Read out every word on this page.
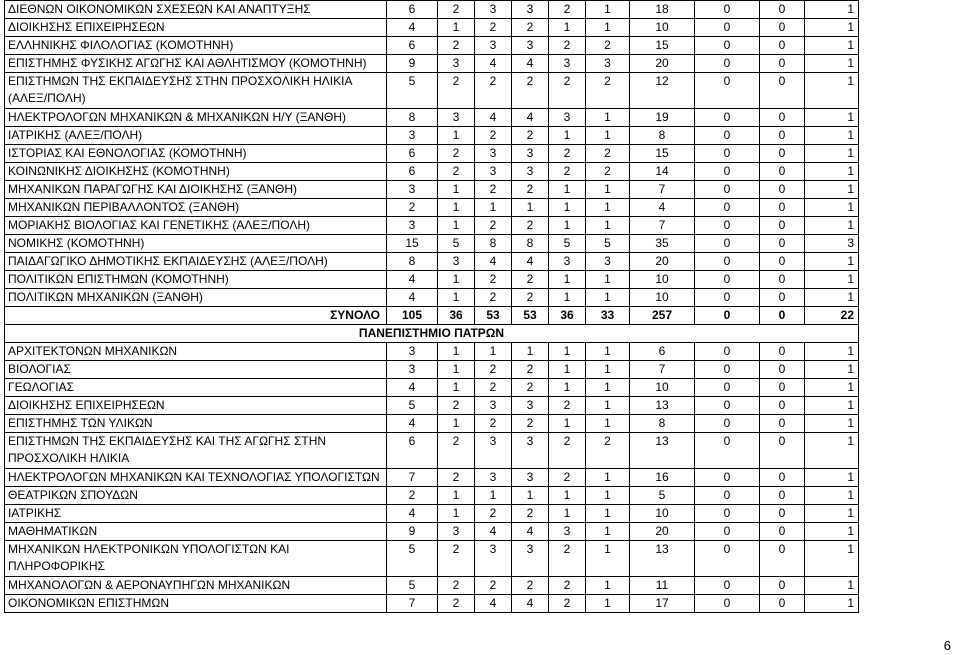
ΔΙΕΘΝΩΝ ΟΙΚΟΝΟΜΙΚΩΝ ΣΧΕΣΕΩΝ ΚΑΙ ΑΝΑΠΤΥΞΗΣ	6	2	3	3	2	1	18	0	0	1
ΔΙΟΙΚΗΣΗΣ ΕΠΙΧΕΙΡΗΣΕΩΝ	4	1	2	2	1	1	10	0	0	1
ΕΛΛΗΝΙΚΗΣ ΦΙΛΟΛΟΓΙΑΣ (ΚΟΜΟΤΗΝΗ)	6	2	3	3	2	2	15	0	0	1
ΕΠΙΣΤΗΜΗΣ ΦΥΣΙΚΗΣ ΑΓΩΓΗΣ ΚΑΙ ΑΘΛΗΤΙΣΜΟΥ (ΚΟΜΟΤΗΝΗ)	9	3	4	4	3	3	20	0	0	1
ΕΠΙΣΤΗΜΩΝ ΤΗΣ ΕΚΠΑΙΔΕΥΣΗΣ ΣΤΗΝ ΠΡΟΣΧΟΛΙΚΗ ΗΛΙΚΙΑ (ΑΛΕΞ/ΠΟΛΗ)	5	2	2	2	2	2	12	0	0	1
ΗΛΕΚΤΡΟΛΟΓΩΝ ΜΗΧΑΝΙΚΩΝ & ΜΗΧΑΝΙΚΩΝ Η/Υ (ΞΑΝΘΗ)	8	3	4	4	3	1	19	0	0	1
ΙΑΤΡΙΚΗΣ (ΑΛΕΞ/ΠΟΛΗ)	3	1	2	2	1	1	8	0	0	1
ΙΣΤΟΡΙΑΣ ΚΑΙ ΕΘΝΟΛΟΓΙΑΣ (ΚΟΜΟΤΗΝΗ)	6	2	3	3	2	2	15	0	0	1
ΚΟΙΝΩΝΙΚΗΣ ΔΙΟΙΚΗΣΗΣ (ΚΟΜΟΤΗΝΗ)	6	2	3	3	2	2	14	0	0	1
ΜΗΧΑΝΙΚΩΝ ΠΑΡΑΓΩΓΗΣ ΚΑΙ ΔΙΟΙΚΗΣΗΣ (ΞΑΝΘΗ)	3	1	2	2	1	1	7	0	0	1
ΜΗΧΑΝΙΚΩΝ ΠΕΡΙΒΑΛΛΟΝΤΟΣ (ΞΑΝΘΗ)	2	1	1	1	1	1	4	0	0	1
ΜΟΡΙΑΚΗΣ ΒΙΟΛΟΓΙΑΣ ΚΑΙ ΓΕΝΕΤΙΚΗΣ (ΑΛΕΞ/ΠΟΛΗ)	3	1	2	2	1	1	7	0	0	1
ΝΟΜΙΚΗΣ (ΚΟΜΟΤΗΝΗ)	15	5	8	8	5	5	35	0	0	3
ΠΑΙΔΑΓΩΓΙΚΟ ΔΗΜΟΤΙΚΗΣ ΕΚΠΑΙΔΕΥΣΗΣ (ΑΛΕΞ/ΠΟΛΗ)	8	3	4	4	3	3	20	0	0	1
ΠΟΛΙΤΙΚΩΝ ΕΠΙΣΤΗΜΩΝ (ΚΟΜΟΤΗΝΗ)	4	1	2	2	1	1	10	0	0	1
ΠΟΛΙΤΙΚΩΝ ΜΗΧΑΝΙΚΩΝ (ΞΑΝΘΗ)	4	1	2	2	1	1	10	0	0	1
ΣΥΝΟΛΟ	105	36	53	53	36	33	257	0	0	22
ΠΑΝΕΠΙΣΤΗΜΙΟ ΠΑΤΡΩΝ										
ΑΡΧΙΤΕΚΤΟΝΩΝ ΜΗΧΑΝΙΚΩΝ	3	1	1	1	1	1	6	0	0	1
ΒΙΟΛΟΓΙΑΣ	3	1	2	2	1	1	7	0	0	1
ΓΕΩΛΟΓΙΑΣ	4	1	2	2	1	1	10	0	0	1
ΔΙΟΙΚΗΣΗΣ ΕΠΙΧΕΙΡΗΣΕΩΝ	5	2	3	3	2	1	13	0	0	1
ΕΠΙΣΤΗΜΗΣ ΤΩΝ ΥΛΙΚΩΝ	4	1	2	2	1	1	8	0	0	1
ΕΠΙΣΤΗΜΩΝ ΤΗΣ ΕΚΠΑΙΔΕΥΣΗΣ ΚΑΙ ΤΗΣ ΑΓΩΓΗΣ ΣΤΗΝ ΠΡΟΣΧΟΛΙΚΗ ΗΛΙΚΙΑ	6	2	3	3	2	2	13	0	0	1
ΗΛΕΚΤΡΟΛΟΓΩΝ ΜΗΧΑΝΙΚΩΝ ΚΑΙ ΤΕΧΝΟΛΟΓΙΑΣ ΥΠΟΛΟΓΙΣΤΩΝ	7	2	3	3	2	1	16	0	0	1
ΘΕΑΤΡΙΚΩΝ ΣΠΟΥΔΩΝ	2	1	1	1	1	1	5	0	0	1
ΙΑΤΡΙΚΗΣ	4	1	2	2	1	1	10	0	0	1
ΜΑΘΗΜΑΤΙΚΩΝ	9	3	4	4	3	1	20	0	0	1
ΜΗΧΑΝΙΚΩΝ ΗΛΕΚΤΡΟΝΙΚΩΝ ΥΠΟΛΟΓΙΣΤΩΝ ΚΑΙ ΠΛΗΡΟΦΟΡΙΚΗΣ	5	2	3	3	2	1	13	0	0	1
ΜΗΧΑΝΟΛΟΓΩΝ & ΑΕΡΟΝΑΥΠΗΓΩΝ ΜΗΧΑΝΙΚΩΝ	5	2	2	2	2	1	11	0	0	1
ΟΙΚΟΝΟΜΙΚΩΝ ΕΠΙΣΤΗΜΩΝ	7	2	4	4	2	1	17	0	0	1
6
